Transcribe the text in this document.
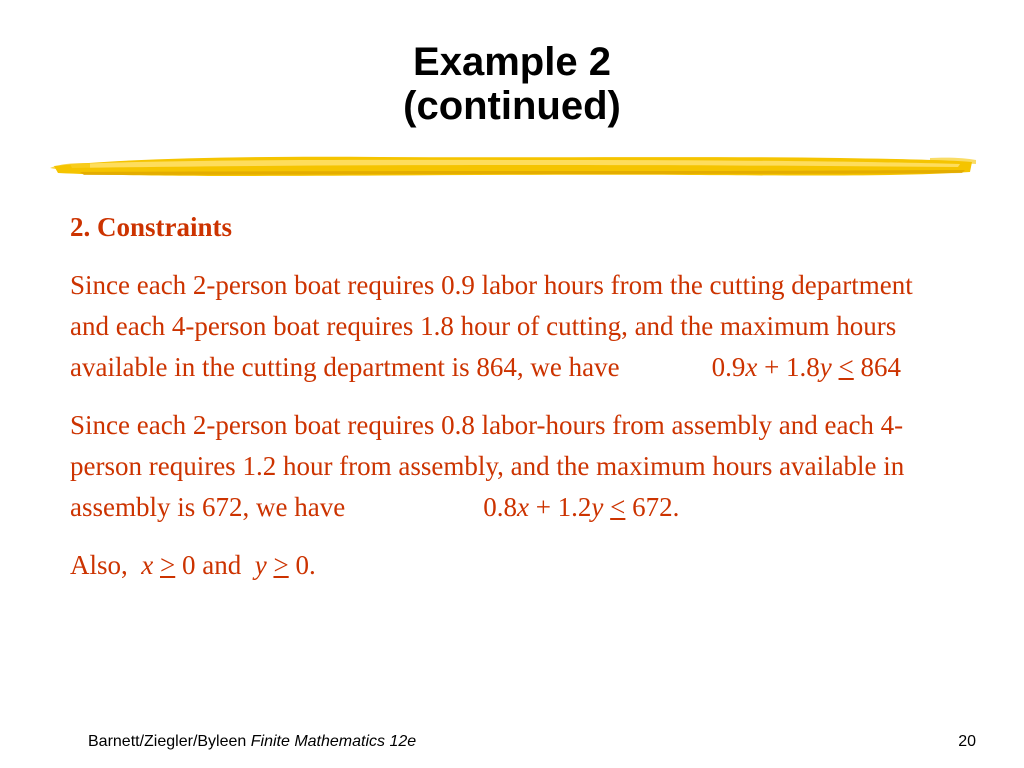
Example 2
(continued)
2. Constraints
Since each 2-person boat requires 0.9 labor hours from the cutting department and each 4-person boat requires 1.8 hour of cutting, and the maximum hours available in the cutting department is 864, we have	0.9x + 1.8y ≤ 864
Since each 2-person boat requires 0.8 labor-hours from assembly and each 4-person requires 1.2 hour from assembly, and the maximum hours available in assembly is 672, we have	0.8x + 1.2y ≤ 672.
Also,  x ≥ 0 and  y ≥ 0.
Barnett/Ziegler/Byleen Finite Mathematics 12e	20
